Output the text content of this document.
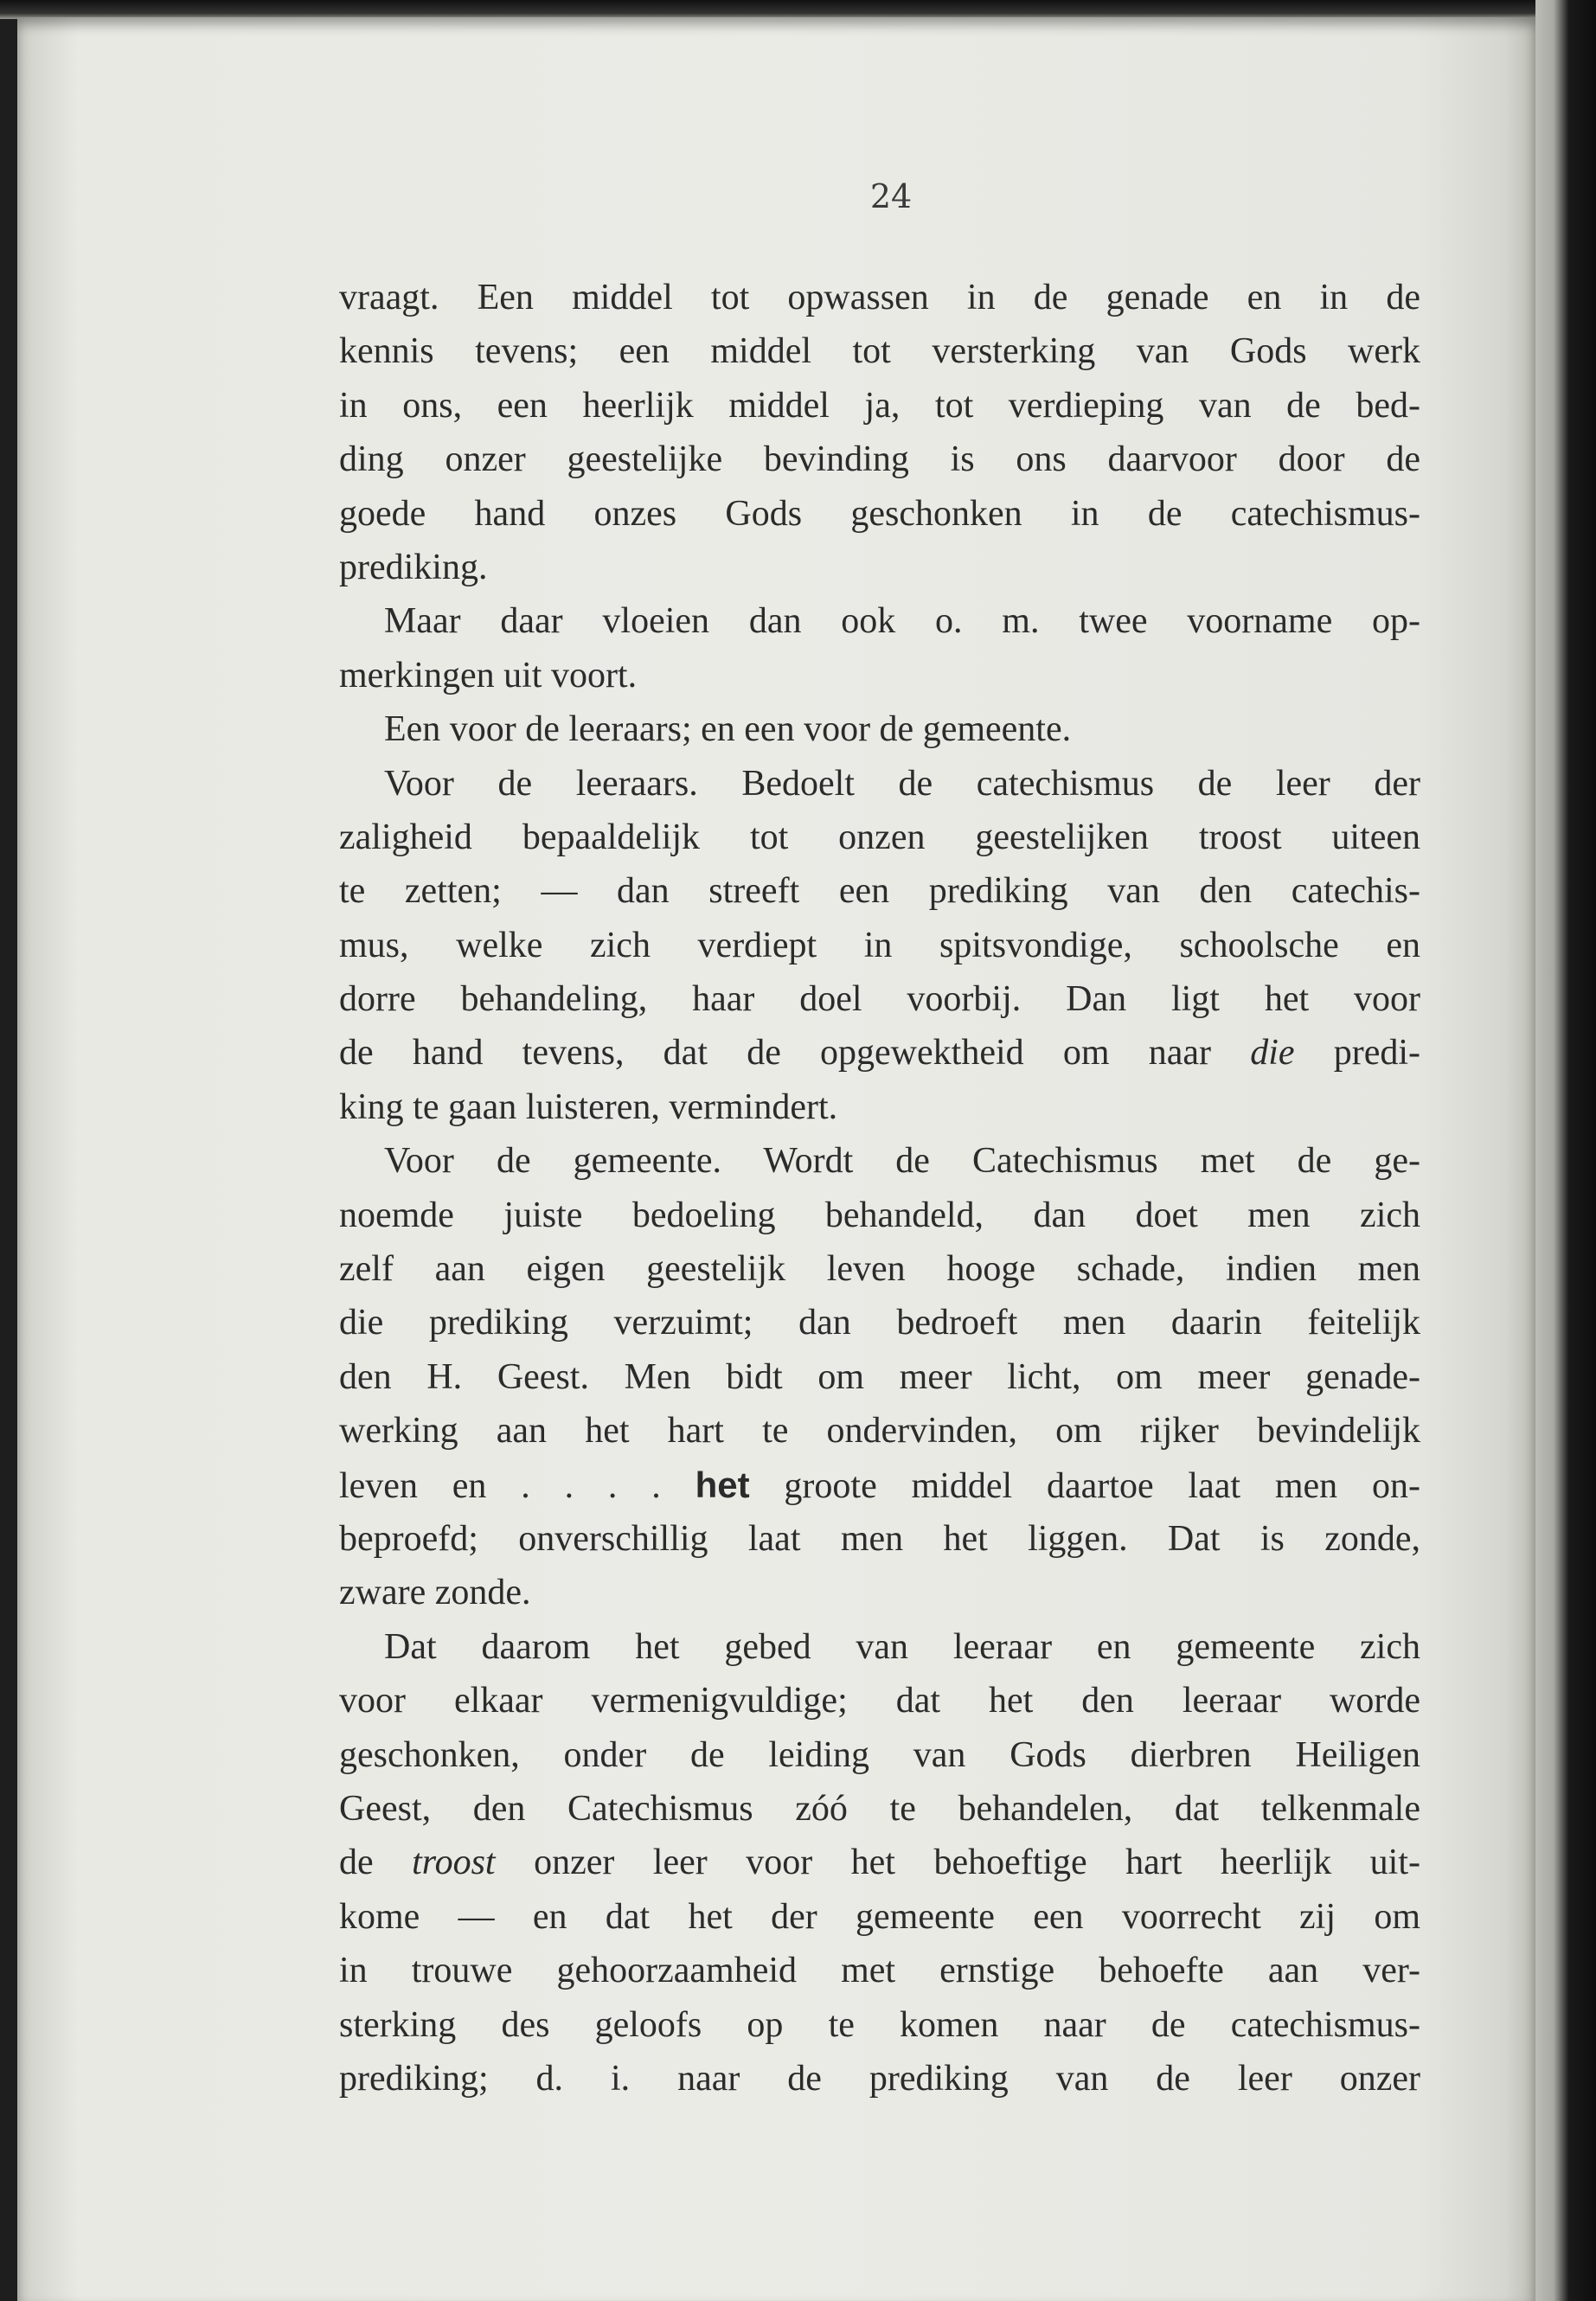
24
vraagt. Een middel tot opwassen in de genade en in de
kennis tevens; een middel tot versterking van Gods werk
in ons, een heerlijk middel ja, tot verdieping van de bed-
ding onzer geestelijke bevinding is ons daarvoor door de
goede hand onzes Gods geschonken in de catechismus-
prediking.
Maar daar vloeien dan ook o. m. twee voorname op-
merkingen uit voort.
Een voor de leeraars; en een voor de gemeente.
Voor de leeraars. Bedoelt de catechismus de leer der
zaligheid bepaaldelijk tot onzen geestelijken troost uiteen
te zetten; — dan streeft een prediking van den catechis-
mus, welke zich verdiept in spitsvondige, schoolsche en
dorre behandeling, haar doel voorbij. Dan ligt het voor
de hand tevens, dat de opgewektheid om naar die predi-
king te gaan luisteren, vermindert.
Voor de gemeente. Wordt de Catechismus met de ge-
noemde juiste bedoeling behandeld, dan doet men zich
zelf aan eigen geestelijk leven hooge schade, indien men
die prediking verzuimt; dan bedroeft men daarin feitelijk
den H. Geest. Men bidt om meer licht, om meer genade-
werking aan het hart te ondervinden, om rijker bevindelijk
leven en . . . . het groote middel daartoe laat men on-
beproefd; onverschillig laat men het liggen. Dat is zonde,
zware zonde.
Dat daarom het gebed van leeraar en gemeente zich
voor elkaar vermenigvuldige; dat het den leeraar worde
geschonken, onder de leiding van Gods dierbren Heiligen
Geest, den Catechismus zóó te behandelen, dat telkenmale
de troost onzer leer voor het behoeftige hart heerlijk uit-
kome — en dat het der gemeente een voorrecht zij om
in trouwe gehoorzaamheid met ernstige behoefte aan ver-
sterking des geloofs op te komen naar de catechismus-
prediking; d. i. naar de prediking van de leer onzer
